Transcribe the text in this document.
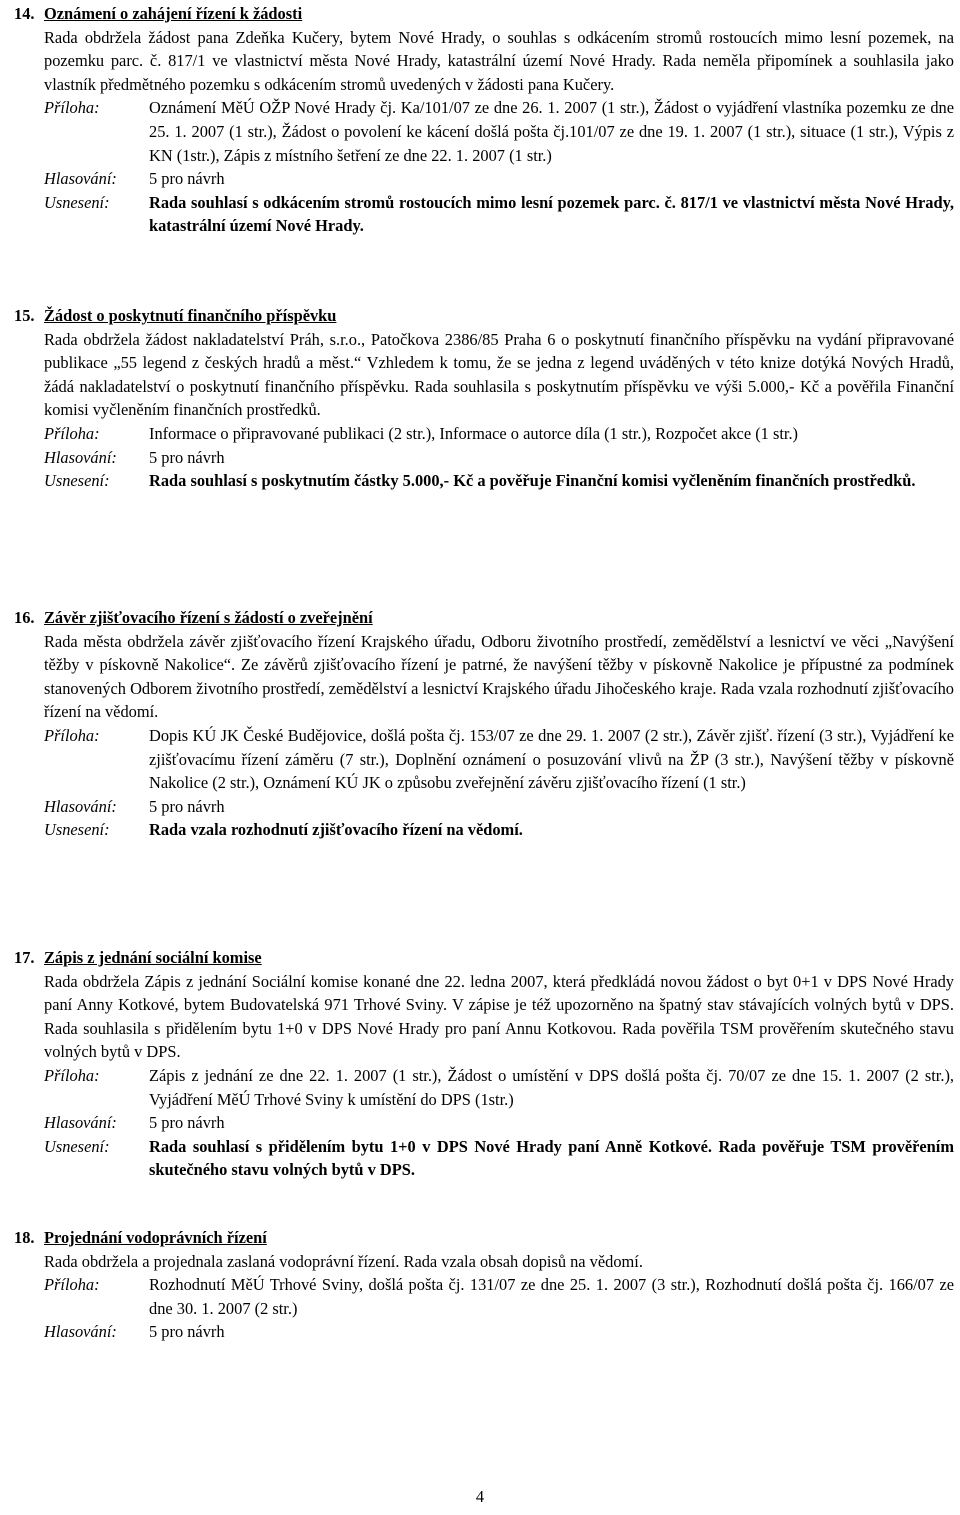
14. Oznámení o zahájení řízení k žádosti
Rada obdržela žádost pana Zdeňka Kučery, bytem Nové Hrady, o souhlas s odkácením stromů rostoucích mimo lesní pozemek, na pozemku parc. č. 817/1 ve vlastnictví města Nové Hrady, katastrální území Nové Hrady. Rada neměla připomínek a souhlasila jako vlastník předmětného pozemku s odkácením stromů uvedených v žádosti pana Kučery.
Příloha:	Oznámení MěÚ OŽP Nové Hrady čj. Ka/101/07 ze dne 26. 1. 2007 (1 str.), Žádost o vyjádření vlastníka pozemku ze dne 25. 1. 2007 (1 str.), Žádost o povolení ke kácení došlá pošta čj.101/07 ze dne 19. 1. 2007 (1 str.), situace (1 str.), Výpis z KN (1str.), Zápis z místního šetření ze dne 22. 1. 2007 (1 str.)
Hlasování:	5 pro návrh
Usnesení:	Rada souhlasí s odkácením stromů rostoucích mimo lesní pozemek parc. č. 817/1 ve vlastnictví města Nové Hrady, katastrální území Nové Hrady.
15. Žádost o poskytnutí finančního příspěvku
Rada obdržela žádost nakladatelství Práh, s.r.o., Patočkova 2386/85 Praha 6 o poskytnutí finančního příspěvku na vydání připravované publikace „55 legend z českých hradů a měst.“ Vzhledem k tomu, že se jedna z legend uváděných v této knize dotýká Nových Hradů, žádá nakladatelství o poskytnutí finančního příspěvku. Rada souhlasila s poskytnutím příspěvku ve výši 5.000,- Kč a pověřila Finanční komisi vyčleněním finančních prostředků.
Příloha:	Informace o připravované publikaci (2 str.), Informace o autorce díla (1 str.), Rozpočet akce (1 str.)
Hlasování:	5 pro návrh
Usnesení:	Rada souhlasí s poskytnutím částky 5.000,- Kč a pověřuje Finanční komisi vyčleněním finančních prostředků.
16. Závěr zjišťovacího řízení s žádostí o zveřejnění
Rada města obdržela závěr zjišťovacího řízení Krajského úřadu, Odboru životního prostředí, zemědělství a lesnictví ve věci „Navýšení těžby v pískovně Nakolice“. Ze závěrů zjišťovacího řízení je patrné, že navýšení těžby v pískovně Nakolice je přípustné za podmínek stanovených Odborem životního prostředí, zemědělství a lesnictví Krajského úřadu Jihočeského kraje. Rada vzala rozhodnutí zjišťovacího řízení na vědomí.
Příloha:	Dopis KÚ JK České Budějovice, došlá pošta čj. 153/07 ze dne 29. 1. 2007 (2 str.), Závěr zjišť. řízení (3 str.), Vyjádření ke zjišťovacímu řízení záměru (7 str.), Doplnění oznámení o posuzování vlivů na ŽP (3 str.), Navýšení těžby v pískovně Nakolice (2 str.), Oznámení KÚ JK o způsobu zveřejnění závěru zjišťovacího řízení (1 str.)
Hlasování:	5 pro návrh
Usnesení:	Rada vzala rozhodnutí zjišťovacího řízení na vědomí.
17. Zápis z jednání sociální komise
Rada obdržela Zápis z jednání Sociální komise konané dne 22. ledna 2007, která předkládá novou žádost o byt 0+1 v DPS Nové Hrady paní Anny Kotkové, bytem Budovatelská 971 Trhové Sviny. V zápise je též upozorněno na špatný stav stávajících volných bytů v DPS. Rada souhlasila s přidělením bytu 1+0 v DPS Nové Hrady pro paní Annu Kotkovou. Rada pověřila TSM prověřením skutečného stavu volných bytů v DPS.
Příloha:	Zápis z jednání ze dne 22. 1. 2007 (1 str.), Žádost o umístění v DPS došlá pošta čj. 70/07 ze dne 15. 1. 2007 (2 str.), Vyjádření MěÚ Trhové Sviny k umístění do DPS (1str.)
Hlasování:	5 pro návrh
Usnesení:	Rada souhlasí s přidělením bytu 1+0 v DPS Nové Hrady paní Anně Kotkové. Rada pověřuje TSM prověřením skutečného stavu volných bytů v DPS.
18. Projednání vodoprávních řízení
Rada obdržela a projednala zaslaná vodoprávní řízení. Rada vzala obsah dopisů na vědomí.
Příloha:	Rozhodnutí MěÚ Trhové Sviny, došlá pošta čj. 131/07 ze dne 25. 1. 2007 (3 str.), Rozhodnutí došlá pošta čj. 166/07 ze dne 30. 1. 2007 (2 str.)
Hlasování:	5 pro návrh
4
